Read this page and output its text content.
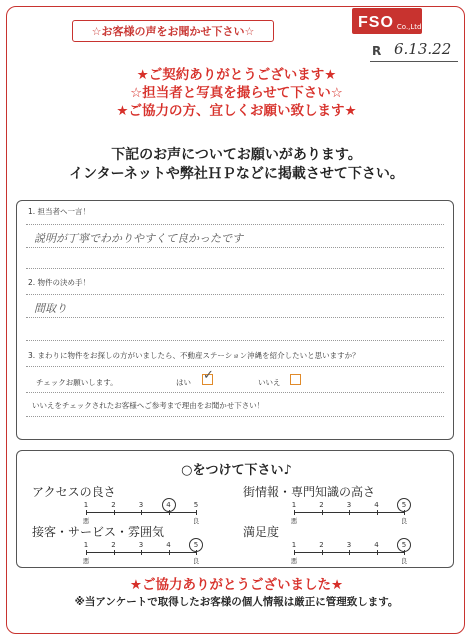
☆お客様の声をお聞かせ下さい☆
FSO Co.,Ltd.
R 6.13.22
★ご契約ありがとうございます★
☆担当者と写真を撮らせて下さい☆
★ご協力の方、宜しくお願い致します★
下記のお声についてお願いがあります。
インターネットや弊社ＨＰなどに掲載させて下さい。
1. 担当者へ一言！
説明が丁寧でわかりやすくて良かったです
2. 物件の決め手！
間取り
3. まわりに物件をお探しの方がいましたら、不動産ステーション沖縄を紹介したいと思いますか？
チェックお願いします。	はい ✓	いいえ
いいえをチェックされたお客様へご参考まで理由をお聞かせ下さい！
○をつけて下さい♪
アクセスの良さ	街情報・専門知識の高さ
接客・サービス・雰囲気	満足度
1	2	3	4	5
悪	良
1	2	3	4	5
悪	良
1	2	3	4	5
悪	良
1	2	3	4	5
悪	良
★ご協力ありがとうございました★
※当アンケートで取得したお客様の個人情報は厳正に管理致します。
